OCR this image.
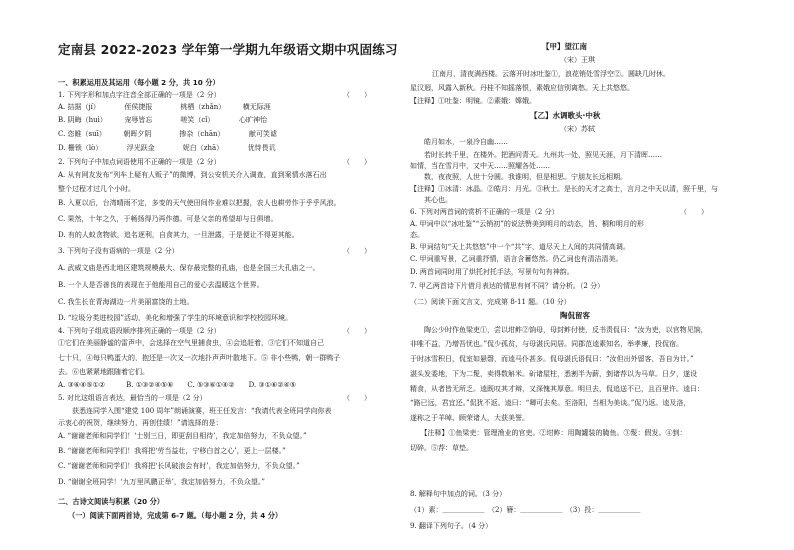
定南县 2022-2023 学年第一学期九年级语文期中巩固练习
一、积累运用及其运用（每小题 2 分，共 10 分）
1. 下列字形和加点字注音全部正确的一项是（2 分）	（　　）
A. 拮据（jí）　　　　侄侯捷报　　　　桃栖（zhǎn）　　　横无际涯
B. 阴晦（huì）　　　宠辱皆忘　　　　嗟笑（cǐ）　　　　心旷神怡
C. 恣睢（suī）　　　朝晖夕阴　　　　掺杂（chān）　　　　献可笑谑
D. 栅锁（lò）　　　　浮光跃金　　　　妮白（zhā）　　　　优恃畏讥
2. 下列句子中加点词语使用不正确的一项是（2 分）	（　　）
A. 从有网友发布“列车上疑有人贩子”的微博，到公安机关介入调查，直到案情水落石出
整个过程才过几个小时。
B. 入夏以后，台湾晴雨不定，多变的天气使田间作业难以把握，农人也耕劳作于乎乎风浪。
C. 果然，十年之久，于畅扬得乃再作德。可是父亲的希望却与日俱增。
D. 有的人蚁贪物欲，追名逐利，自食其力，一旦泄露，于是便让不得更其能。
3. 下列句子没有语病的一项是（2 分）	（　　）
A. 武威文庙是西北地区建筑规模最大、保存最完整的孔庙，也是全国三大孔庙之一。
B. 一个人是否善良的表现在于他能用自己的爱心去温暖这个世界。
C. 我生长在青海湖边一片美丽富饶的土地。
D. “垃圾分类进校园”活动，美化和增强了学生的环境意识和学校校园环境。
4. 下列句子组成语段顺序排列正确的一项是（2 分）	（　　）
①它们在美丽静谧的雷声中，会选择在空气里捕食虫，④会追赶着，③它们不知道自己
七十只，④每只鸭蛋大的，抱还是一次又一次地扑声声叶散地下。⑤ 非小些鸭，朝一群鸭子
去。⑥也紧紧地跟随着它们。
A. ③⑥④⑤①②　　　B. ①③②④⑤⑥　　C. ⑤③⑥①④②　　D. ③①⑥②④⑤
5. 对比这组语言表达，最恰当的一项是（2 分）	（　　）
　　获悉连同学入围“建党 100 周年”朗诵演赛，班王任发言：“我请代表全班同学向你表
示衷心的祝贺，继续努力，再创佳绩！”请选择的是：
A. “谢谢老师和同学们！‘士别三日，即更刮目相待’，我定加倍努力，不负众望。”
B. “谢谢老师和同学们！我将把‘劳当益壮，宁移白首之心’，更上一层楼。”
C. “谢谢老师和同学们！我将把‘长风破浪会有时’，我定加倍努力，不负众望。”
D. “谢谢全班同学！‘九万里风鹏正举’，我定加倍努力，不负众望。”
二、古诗文阅读与积累（20 分）
（一）阅读下面两首诗，完成第 6-7 题。（每小题 2 分，共 4 分）
【甲】望江南
（宋）王琪
江南月，清夜满西楼。云落开时冰吐鉴①，浪花销处雪浮空②。圆缺几时休。
星汉迥，风露入新秋。丹桂不知摇落恨，素娥应信别离愁。天上共悠悠。
【注释】①吐鉴：明镜。②素娥：嫦娥。
【乙】水调歌头·中秋
（宋）苏轼
　　皓月如水，一泉冷自幽……
　　若时长转千里，在楼外。把酒问青天。九州共一处，照见天涯，月下清晖……
如情，当在雪月中，又中天……照耀各处……
　　数，夜夜照，人世十分圆。我谁明，但是相思。宁朋友长远相期。
【注释】①冰清：冰晶。②皓月：月光。③秋士。是长的天才之高士，言月之中天以清，照千里，与
　　其心也。
6. 下列对两首词的赏析不正确的一项是（2 分）	（　　）
A. 甲词中以“冰吐鉴”“云销初”的说法赞美到明月的动态，旨、桐和明月的形
态。
B. 甲词结句“天上共悠悠”中一个“共”字，道尽天上人间的共同情高调。
C. 甲词重写景，乙词重抒情，语言含蓄悠然。仍乙词也有清洁清美。
D. 两首词同时用了烘托衬托手法，写景句句有神韵。
7. 甲乙两首诗下片借月表达的情思有何不同？请分析。（2 分）
（二）阅读下面文言文，完成第 8-11 题。（10 分）
陶侃留客
　　陶公少时作鱼梁吏①，尝以坩鲊②饷母，母封鲊付使，反书责侃曰：“汝为吏，以官物见饷，
非唯不益，乃增吾忧也。”侃少孤贫，与母湛氏同居。同郡范逵素知名，举孝廉，投侃宿。
于时冰雪积日，侃室如悬磬，而逵马仆甚多。侃母湛氏语侃曰：“汝但出外留客，吾自为计。”
湛头发委地，下为二髲，卖得数斛米。斫诸屋柱，悉割半为薪，剉诸荐以为马草。日夕，遂设
精食，从者皆无所乏。逵既叹其才辩，又深愧其厚意。明旦去，侃追送不已，且百里许。逵曰：
“路已远，君宜还。”侃犹不返。逵曰：“卿可去矣。至洛阳，当相为美谈。”侃乃返。逵及洛，
遂称之于羊晫、顾荣诸人，大获美誉。
　　【注释】①鱼梁吏：管理渔业的官吏。②坩鲊：用陶罐装的腌鱼。③髲：假发。④剉：
切碎。⑤荐：草垫。
8. 解释句中加点的词。（3 分）
（1）素：＿＿＿＿＿＿　（2）簪：＿＿＿＿＿＿　（3）投：＿＿＿＿＿＿
9. 翻译下列句子。（4 分）
